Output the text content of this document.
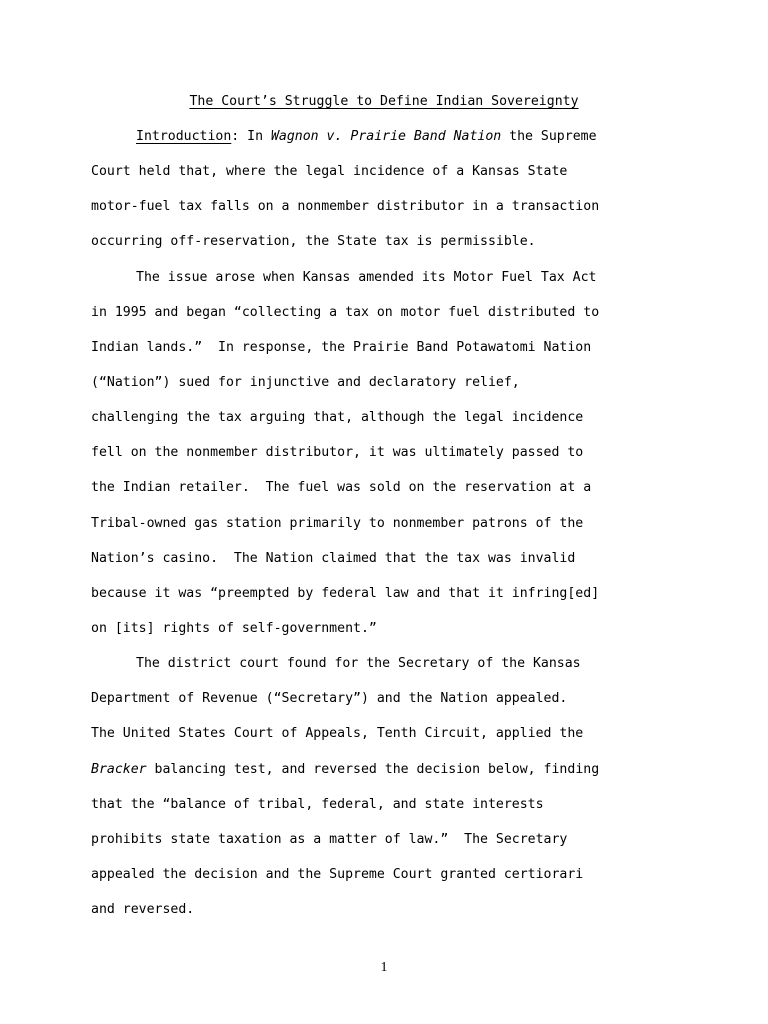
The Court’s Struggle to Define Indian Sovereignty

Introduction: In Wagnon v. Prairie Band Nation the Supreme

Court held that, where the legal incidence of a Kansas State

motor-fuel tax falls on a nonmember distributor in a transaction

occurring off-reservation, the State tax is permissible.

The issue arose when Kansas amended its Motor Fuel Tax Act

in 1995 and began “collecting a tax on motor fuel distributed to

Indian lands.”  In response, the Prairie Band Potawatomi Nation

(“Nation”) sued for injunctive and declaratory relief,

challenging the tax arguing that, although the legal incidence

fell on the nonmember distributor, it was ultimately passed to

the Indian retailer.  The fuel was sold on the reservation at a

Tribal-owned gas station primarily to nonmember patrons of the

Nation’s casino.  The Nation claimed that the tax was invalid

because it was “preempted by federal law and that it infring[ed]

on [its] rights of self-government.”

The district court found for the Secretary of the Kansas

Department of Revenue (“Secretary”) and the Nation appealed.

The United States Court of Appeals, Tenth Circuit, applied the

Bracker balancing test, and reversed the decision below, finding

that the “balance of tribal, federal, and state interests

prohibits state taxation as a matter of law.”  The Secretary

appealed the decision and the Supreme Court granted certiorari

and reversed.

1
